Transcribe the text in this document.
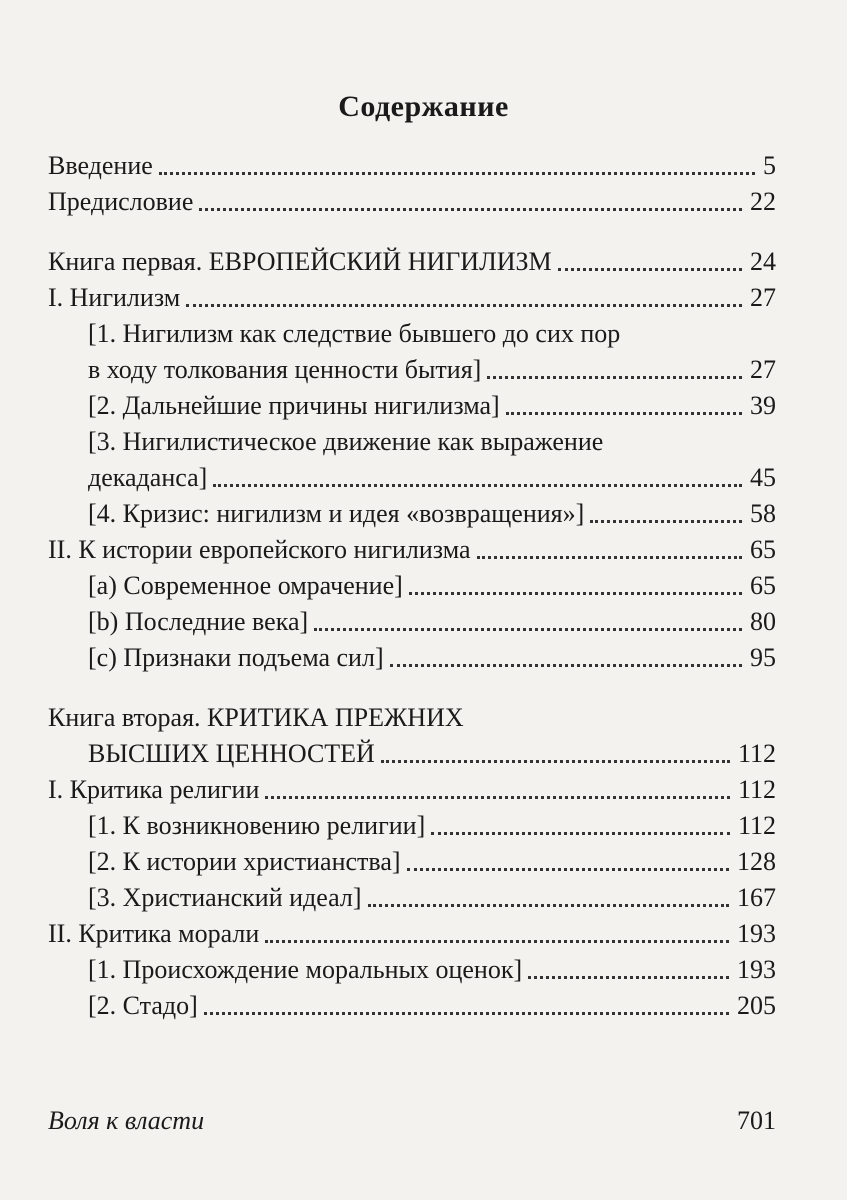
Содержание
Введение	5
Предисловие	22
Книга первая. ЕВРОПЕЙСКИЙ НИГИЛИЗМ	24
I. Нигилизм	27
[1. Нигилизм как следствие бывшего до сих пор
в ходу толкования ценности бытия]	27
[2. Дальнейшие причины нигилизма]	39
[3. Нигилистическое движение как выражение
декаданса]	45
[4. Кризис: нигилизм и идея «возвращения»]	58
II. К истории европейского нигилизма	65
[a) Современное омрачение]	65
[b) Последние века]	80
[c) Признаки подъема сил]	95
Книга вторая. КРИТИКА ПРЕЖНИХ
ВЫСШИХ ЦЕННОСТЕЙ	112
I. Критика религии	112
[1. К возникновению религии]	112
[2. К истории христианства]	128
[3. Христианский идеал]	167
II. Критика морали	193
[1. Происхождение моральных оценок]	193
[2. Стадо]	205
Воля к власти	701
